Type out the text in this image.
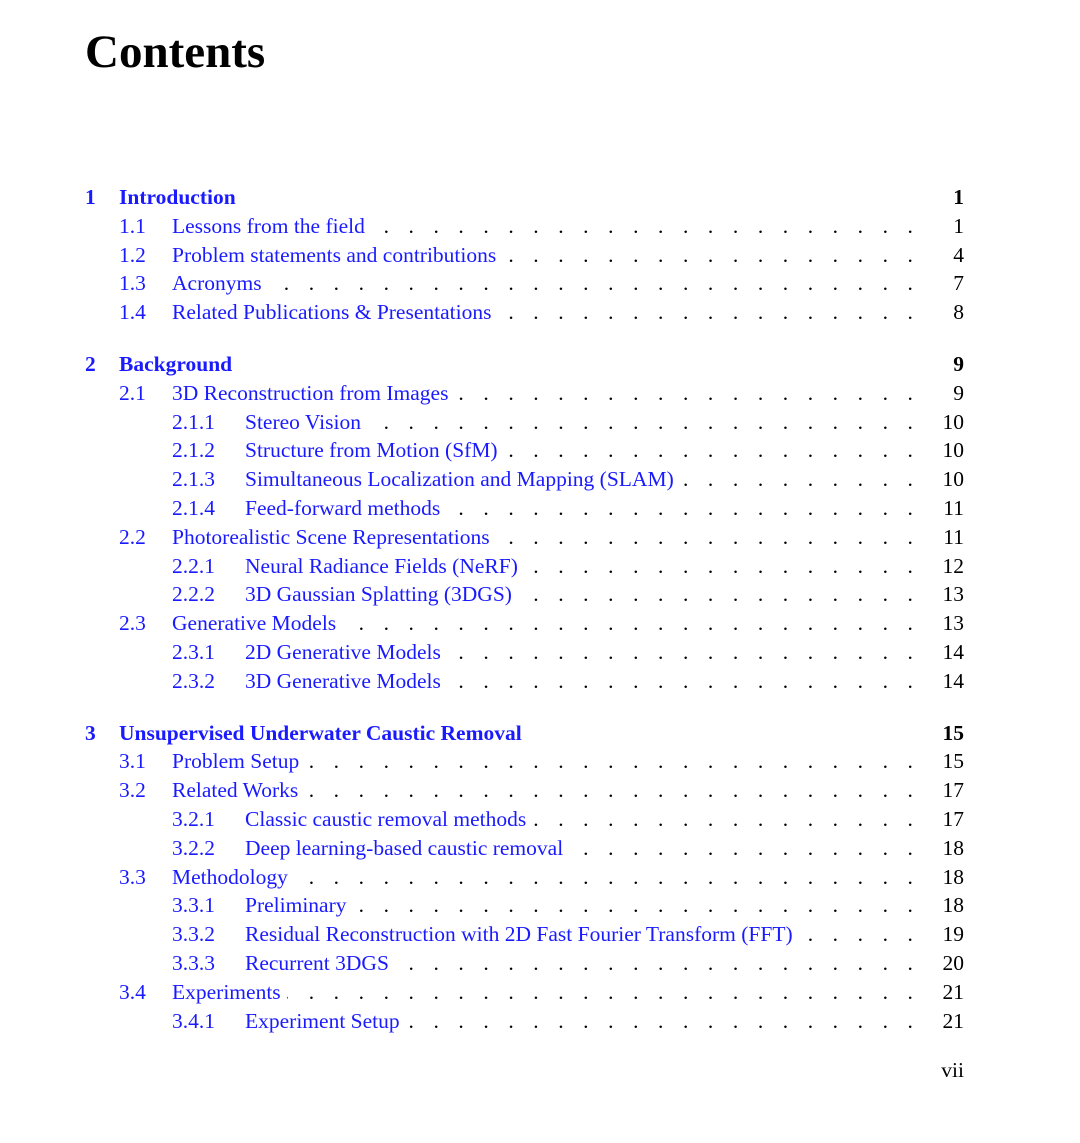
Contents
1	Introduction	1
1.1	Lessons from the field . . .	1
1.2	Problem statements and contributions . . .	4
1.3	Acronyms . . .	7
1.4	Related Publications & Presentations . . .	8
2	Background	9
2.1	3D Reconstruction from Images . . .	9
2.1.1	Stereo Vision . . .	10
2.1.2	Structure from Motion (SfM) . . .	10
2.1.3	Simultaneous Localization and Mapping (SLAM) . . .	10
2.1.4	Feed-forward methods . . .	11
2.2	Photorealistic Scene Representations . . .	11
2.2.1	Neural Radiance Fields (NeRF) . . .	12
2.2.2	3D Gaussian Splatting (3DGS) . . .	13
2.3	Generative Models . . .	13
2.3.1	2D Generative Models . . .	14
2.3.2	3D Generative Models . . .	14
3	Unsupervised Underwater Caustic Removal	15
3.1	Problem Setup . . .	15
3.2	Related Works . . .	17
3.2.1	Classic caustic removal methods . . .	17
3.2.2	Deep learning-based caustic removal . . .	18
3.3	Methodology . . .	18
3.3.1	Preliminary . . .	18
3.3.2	Residual Reconstruction with 2D Fast Fourier Transform (FFT) . . .	19
3.3.3	Recurrent 3DGS . . .	20
3.4	Experiments . . .	21
3.4.1	Experiment Setup . . .	21
vii
